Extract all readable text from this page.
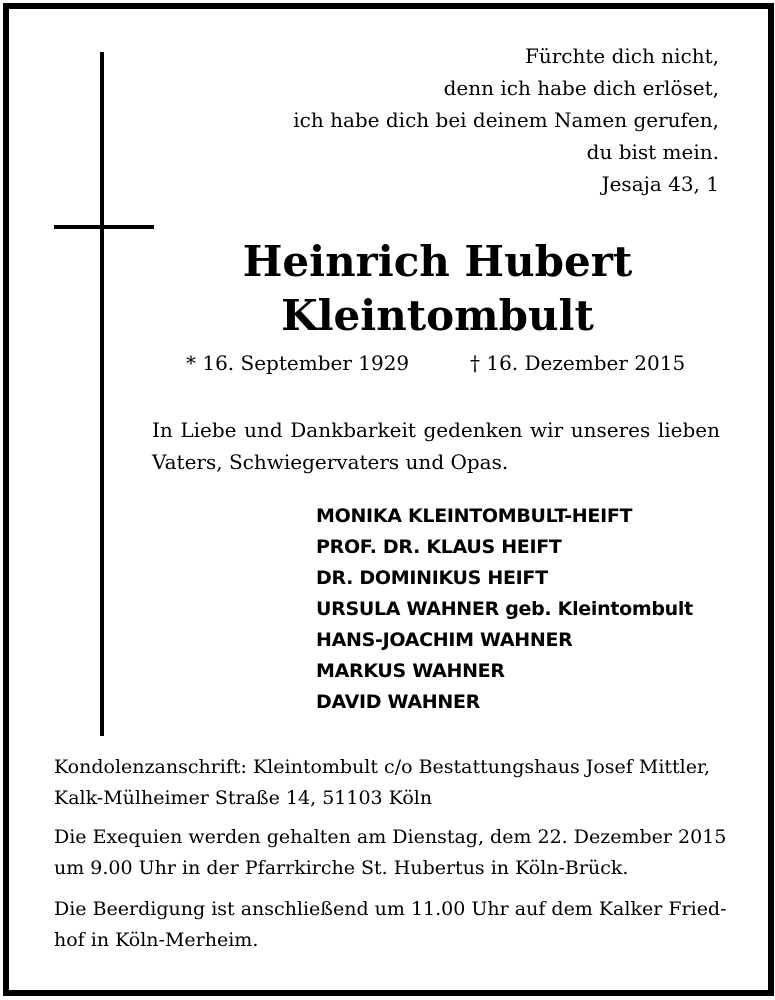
Fürchte dich nicht,
denn ich habe dich erlöset,
ich habe dich bei deinem Namen gerufen,
du bist mein.
Jesaja 43, 1
Heinrich Hubert
Kleintombult
* 16. September 1929	† 16. Dezember 2015
In Liebe und Dankbarkeit gedenken wir unseres lieben
Vaters, Schwiegervaters und Opas.
MONIKA KLEINTOMBULT-HEIFT
PROF. DR. KLAUS HEIFT
DR. DOMINIKUS HEIFT
URSULA WAHNER geb. Kleintombult
HANS-JOACHIM WAHNER
MARKUS WAHNER
DAVID WAHNER
Kondolenzanschrift: Kleintombult c/o Bestattungshaus Josef Mittler,
Kalk-Mülheimer Straße 14, 51103 Köln
Die Exequien werden gehalten am Dienstag, dem 22. Dezember 2015
um 9.00 Uhr in der Pfarrkirche St. Hubertus in Köln-Brück.
Die Beerdigung ist anschließend um 11.00 Uhr auf dem Kalker Fried-
hof in Köln-Merheim.
